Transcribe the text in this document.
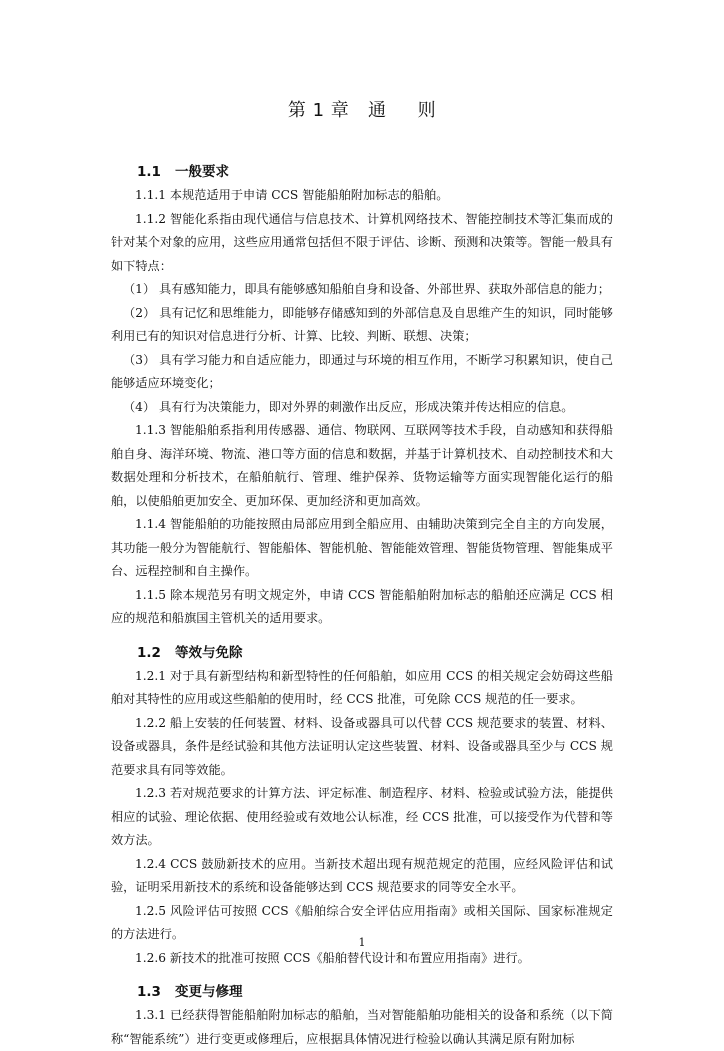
第 1 章   通     则
1.1   一般要求

1.1.1 本规范适用于申请 CCS 智能船舶附加标志的船舶。

1.1.2 智能化系指由现代通信与信息技术、计算机网络技术、智能控制技术等汇集而成的针对某个对象的应用，这些应用通常包括但不限于评估、诊断、预测和决策等。智能一般具有如下特点：

（1） 具有感知能力，即具有能够感知船舶自身和设备、外部世界、获取外部信息的能力；

（2） 具有记忆和思维能力，即能够存储感知到的外部信息及自思维产生的知识，同时能够利用已有的知识对信息进行分析、计算、比较、判断、联想、决策；

（3） 具有学习能力和自适应能力，即通过与环境的相互作用，不断学习积累知识，使自己能够适应环境变化；

（4） 具有行为决策能力，即对外界的刺激作出反应，形成决策并传达相应的信息。

1.1.3 智能船舶系指利用传感器、通信、物联网、互联网等技术手段，自动感知和获得船舶自身、海洋环境、物流、港口等方面的信息和数据，并基于计算机技术、自动控制技术和大数据处理和分析技术，在船舶航行、管理、维护保养、货物运输等方面实现智能化运行的船舶，以使船舶更加安全、更加环保、更加经济和更加高效。

1.1.4 智能船舶的功能按照由局部应用到全船应用、由辅助决策到完全自主的方向发展，其功能一般分为智能航行、智能船体、智能机舱、智能能效管理、智能货物管理、智能集成平台、远程控制和自主操作。

1.1.5 除本规范另有明文规定外，申请 CCS 智能船舶附加标志的船舶还应满足 CCS 相应的规范和船旗国主管机关的适用要求。

1.2   等效与免除

1.2.1 对于具有新型结构和新型特性的任何船舶，如应用 CCS 的相关规定会妨碍这些船舶对其特性的应用或这些船舶的使用时，经 CCS 批准，可免除 CCS 规范的任一要求。

1.2.2 船上安装的任何装置、材料、设备或器具可以代替 CCS 规范要求的装置、材料、设备或器具，条件是经试验和其他方法证明认定这些装置、材料、设备或器具至少与 CCS 规范要求具有同等效能。

1.2.3 若对规范要求的计算方法、评定标准、制造程序、材料、检验或试验方法，能提供相应的试验、理论依据、使用经验或有效地公认标准，经 CCS 批准，可以接受作为代替和等效方法。

1.2.4 CCS 鼓励新技术的应用。当新技术超出现有规范规定的范围，应经风险评估和试验，证明采用新技术的系统和设备能够达到 CCS 规范要求的同等安全水平。

1.2.5 风险评估可按照 CCS《船舶综合安全评估应用指南》或相关国际、国家标准规定的方法进行。

1.2.6 新技术的批准可按照 CCS《船舶替代设计和布置应用指南》进行。

1.3   变更与修理

1.3.1 已经获得智能船舶附加标志的船舶，当对智能船舶功能相关的设备和系统（以下简称“智能系统”）进行变更或修理后，应根据具体情况进行检验以确认其满足原有附加标

1
